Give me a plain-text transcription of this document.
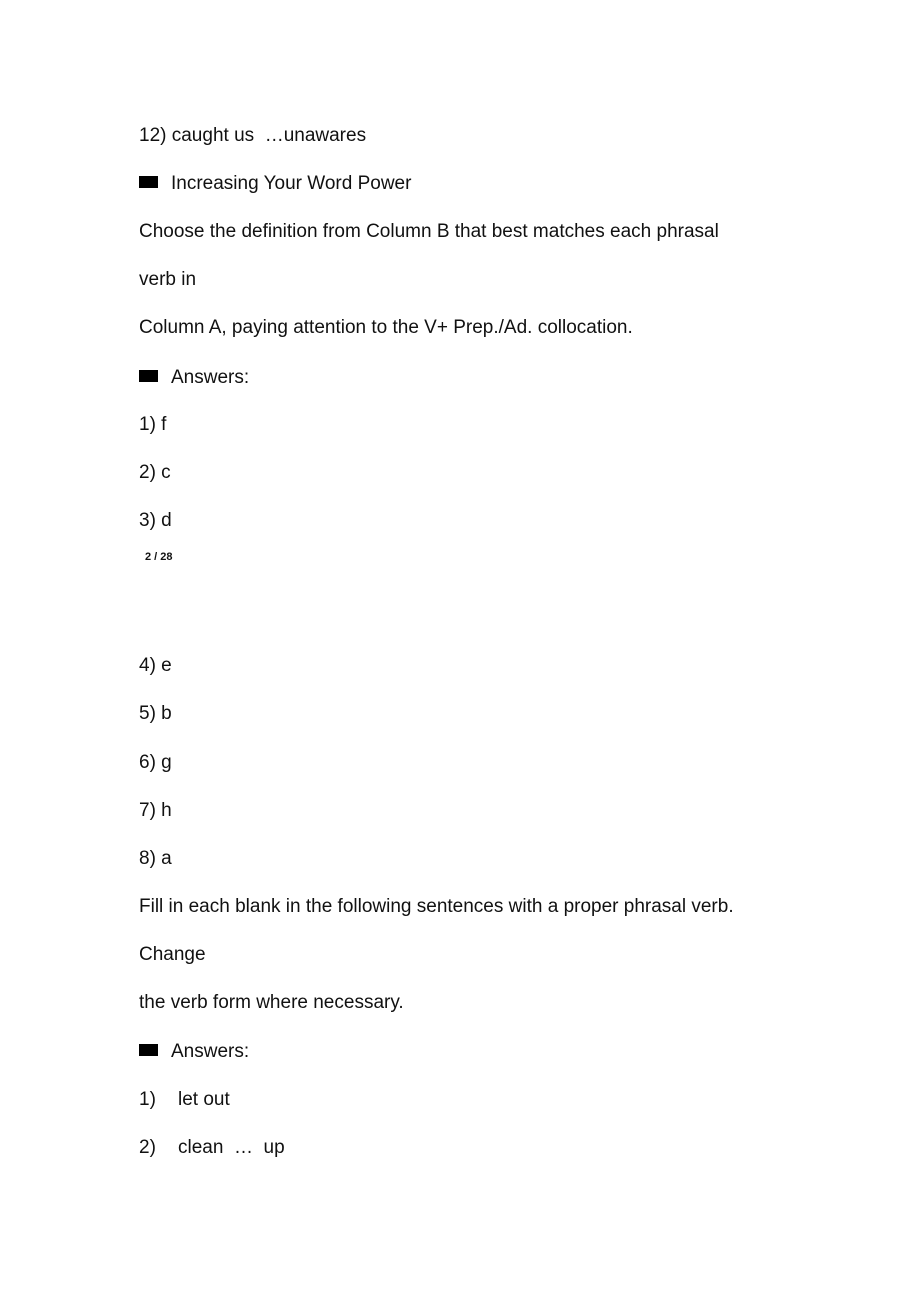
12) caught us  …unawares
Increasing Your Word Power
Choose the definition from Column B that best matches each phrasal
verb in
Column A, paying attention to the V+ Prep./Ad. collocation.
Answers:
1) f
2) c
3) d
2 / 28
4) e
5) b
6) g
7) h
8) a
Fill in each blank in the following sentences with a proper phrasal verb.
Change
the verb form where necessary.
Answers:
1) let out
2) clean  …  up
